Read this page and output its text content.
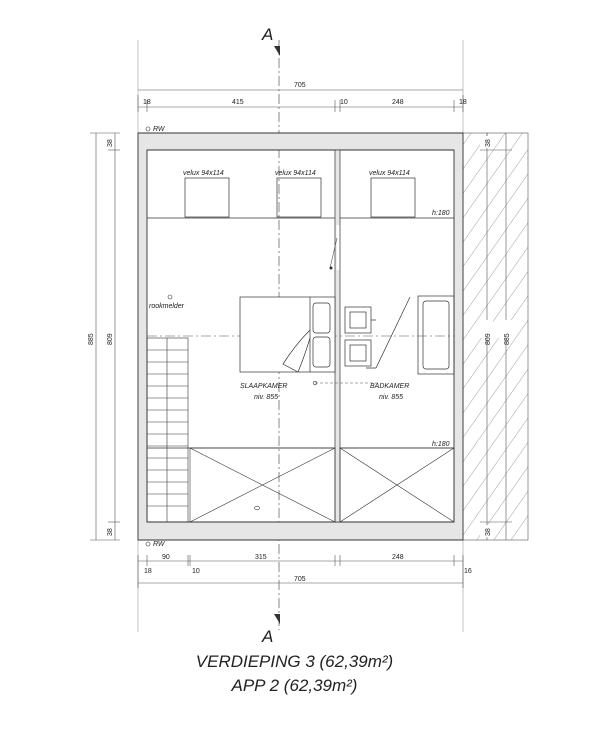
A
A
705
18	415	10	248	18
RW
RW
885 809
38
38
809 885
38
38
h:180
h:180
velux 94x114	velux 94x114	velux 94x114
rookmelder
SLAAPKAMER
niv. 855
BADKAMER
niv. 855
18
90
10
315	248
16
705
VERDIEPING 3 (62,39m²)
APP 2 (62,39m²)
